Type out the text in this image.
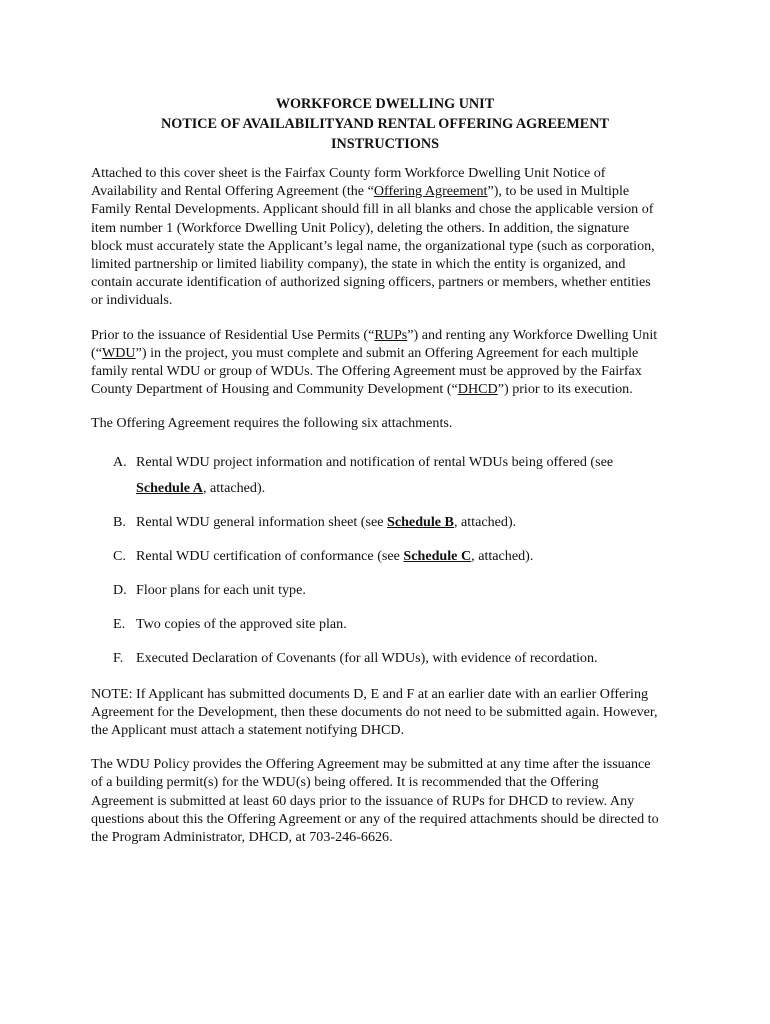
WORKFORCE DWELLING UNIT
NOTICE OF AVAILABILITYAND RENTAL OFFERING AGREEMENT
INSTRUCTIONS

Attached to this cover sheet is the Fairfax County form Workforce Dwelling Unit Notice of Availability and Rental Offering Agreement (the “Offering Agreement”), to be used in Multiple Family Rental Developments. Applicant should fill in all blanks and chose the applicable version of item number 1 (Workforce Dwelling Unit Policy), deleting the others. In addition, the signature block must accurately state the Applicant’s legal name, the organizational type (such as corporation, limited partnership or limited liability company), the state in which the entity is organized, and contain accurate identification of authorized signing officers, partners or members, whether entities or individuals.

Prior to the issuance of Residential Use Permits (“RUPs”) and renting any Workforce Dwelling Unit (“WDU”) in the project, you must complete and submit an Offering Agreement for each multiple family rental WDU or group of WDUs. The Offering Agreement must be approved by the Fairfax County Department of Housing and Community Development (“DHCD”) prior to its execution.

The Offering Agreement requires the following six attachments.

A. Rental WDU project information and notification of rental WDUs being offered (see Schedule A, attached).
B. Rental WDU general information sheet (see Schedule B, attached).
C. Rental WDU certification of conformance (see Schedule C, attached).
D. Floor plans for each unit type.
E. Two copies of the approved site plan.
F. Executed Declaration of Covenants (for all WDUs), with evidence of recordation.

NOTE: If Applicant has submitted documents D, E and F at an earlier date with an earlier Offering Agreement for the Development, then these documents do not need to be submitted again. However, the Applicant must attach a statement notifying DHCD.

The WDU Policy provides the Offering Agreement may be submitted at any time after the issuance of a building permit(s) for the WDU(s) being offered. It is recommended that the Offering Agreement is submitted at least 60 days prior to the issuance of RUPs for DHCD to review. Any questions about this the Offering Agreement or any of the required attachments should be directed to the Program Administrator, DHCD, at 703-246-6626.
